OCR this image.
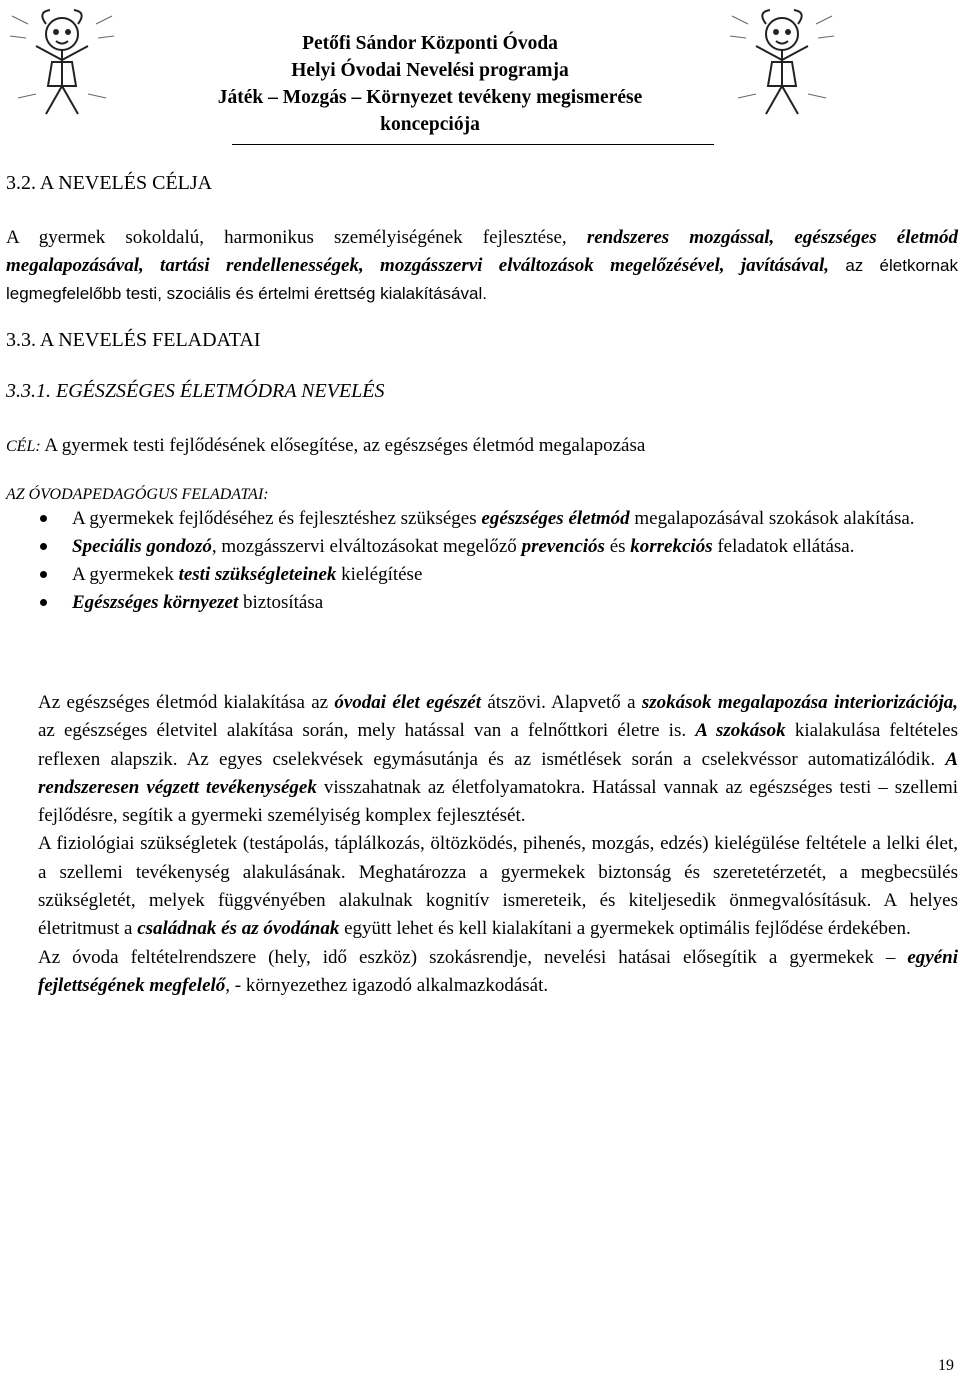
Petőfi Sándor Központi Óvoda
Helyi Óvodai Nevelési programja
Játék – Mozgás – Környezet tevékeny megismerése
koncepciója
3.2. A NEVELÉS CÉLJA
A gyermek sokoldalú, harmonikus személyiségének fejlesztése, rendszeres mozgással, egészséges életmód megalapozásával, tartási rendellenességek, mozgásszervi elváltozások megelőzésével, javításával, az életkornak legmegfelelőbb testi, szociális és értelmi érettség kialakításával.
3.3. A NEVELÉS FELADATAI
3.3.1. EGÉSZSÉGES ÉLETMÓDRA NEVELÉS
CÉL: A gyermek testi fejlődésének elősegítése, az egészséges életmód megalapozása
AZ ÓVODAPEDAGÓGUS FELADATAI:
A gyermekek fejlődéséhez és fejlesztéshez szükséges egészséges életmód megalapozásával szokások alakítása.
Speciális gondozó, mozgásszervi elváltozásokat megelőző prevenciós és korrekciós feladatok ellátása.
A gyermekek testi szükségleteinek kielégítése
Egészséges környezet biztosítása

Az egészséges életmód kialakítása az óvodai élet egészét átszövi. Alapvető a szokások megalapozása interiorizációja, az egészséges életvitel alakítása során, mely hatással van a felnőttkori életre is. A szokások kialakulása feltételes reflexen alapszik. Az egyes cselekvések egymásutánja és az ismétlések során a cselekvéssor automatizálódik. A rendszeresen végzett tevékenységek visszahatnak az életfolyamatokra. Hatással vannak az egészséges testi – szellemi fejlődésre, segítik a gyermeki személyiség komplex fejlesztését.

A fiziológiai szükségletek (testápolás, táplálkozás, öltözködés, pihenés, mozgás, edzés) kielégülése feltétele a lelki élet, a szellemi tevékenység alakulásának. Meghatározza a gyermekek biztonság és szeretetérzetét, a megbecsülés szükségletét, melyek függvényében alakulnak kognitív ismereteik, és kiteljesedik önmegvalósításuk. A helyes életritmust a családnak és az óvodának együtt lehet és kell kialakítani a gyermekek optimális fejlődése érdekében.

Az óvoda feltételrendszere (hely, idő eszköz) szokásrendje, nevelési hatásai elősegítik a gyermekek – egyéni fejlettségének megfelelő, - környezethez igazodó alkalmazkodását.

19
